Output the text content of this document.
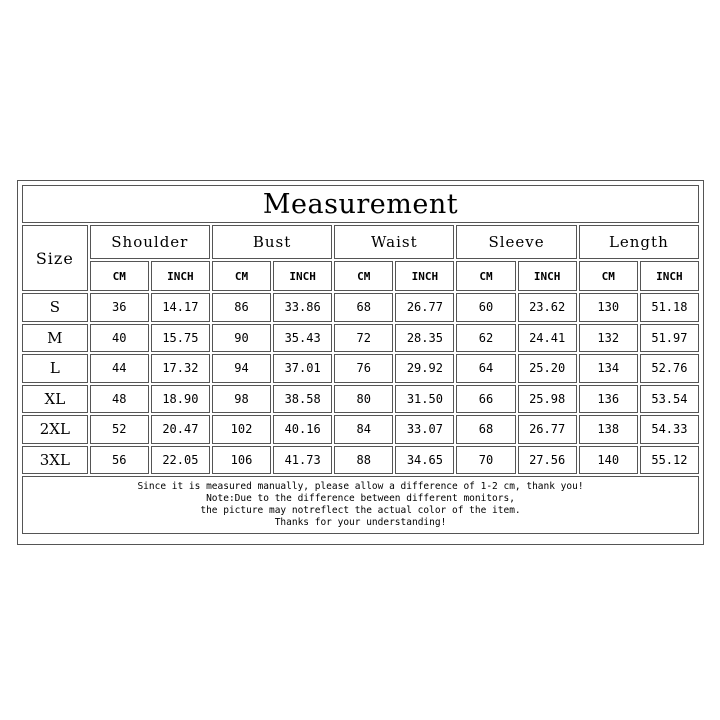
Measurement										
Size	Shoulder		Bust		Waist		Sleeve		Length	
	CM	INCH	CM	INCH	CM	INCH	CM	INCH	CM	INCH
S	36	14.17	86	33.86	68	26.77	60	23.62	130	51.18
M	40	15.75	90	35.43	72	28.35	62	24.41	132	51.97
L	44	17.32	94	37.01	76	29.92	64	25.20	134	52.76
XL	48	18.90	98	38.58	80	31.50	66	25.98	136	53.54
2XL	52	20.47	102	40.16	84	33.07	68	26.77	138	54.33
3XL	56	22.05	106	41.73	88	34.65	70	27.56	140	55.12

Since it is measured manually, please allow a difference of 1-2 cm, thank you!
Note:Due to the difference between different monitors,
the picture may notreflect the actual color of the item.
Thanks for your understanding!										
